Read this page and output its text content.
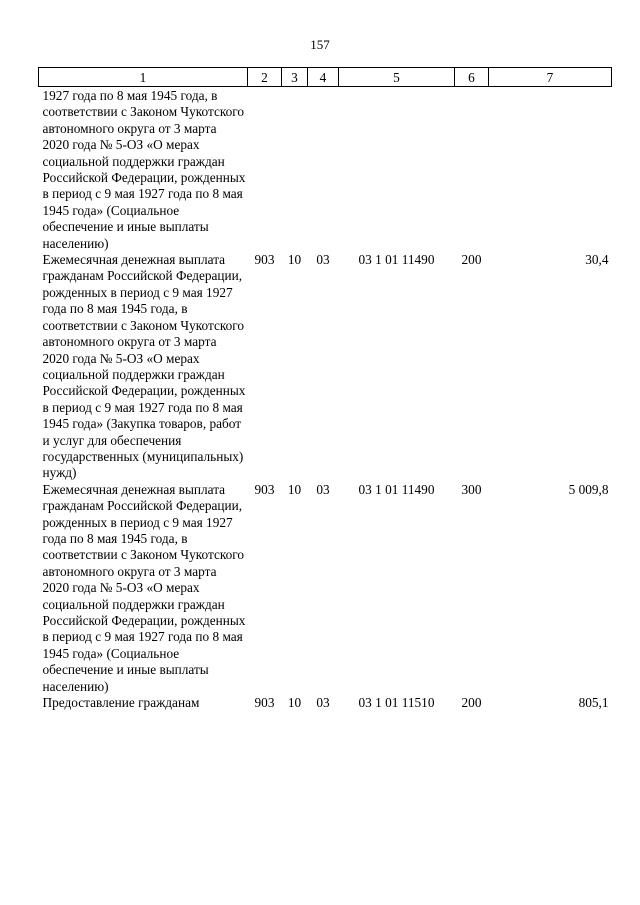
157
1	2	3	4	5	6	7
1927 года по 8 мая 1945 года, в соответствии с Законом Чукотского автономного округа от 3 марта 2020 года № 5-ОЗ «О мерах социальной поддержки граждан Российской Федерации, рожденных в период с 9 мая 1927 года по 8 мая 1945 года» (Социальное обеспечение и иные выплаты населению)						
Ежемесячная денежная выплата гражданам Российской Федерации, рожденных в период с 9 мая 1927 года по 8 мая 1945 года, в соответствии с Законом Чукотского автономного округа от 3 марта 2020 года № 5-ОЗ «О мерах социальной поддержки граждан Российской Федерации, рожденных в период с 9 мая 1927 года по 8 мая 1945 года» (Закупка товаров, работ и услуг для обеспечения государственных (муниципальных) нужд)	903	10	03	03 1 01 11490	200	30,4
Ежемесячная денежная выплата гражданам Российской Федерации, рожденных в период с 9 мая 1927 года по 8 мая 1945 года, в соответствии с Законом Чукотского автономного округа от 3 марта 2020 года № 5-ОЗ «О мерах социальной поддержки граждан Российской Федерации, рожденных в период с 9 мая 1927 года по 8 мая 1945 года» (Социальное обеспечение и иные выплаты населению)	903	10	03	03 1 01 11490	300	5 009,8
Предоставление гражданам	903	10	03	03 1 01 11510	200	805,1
